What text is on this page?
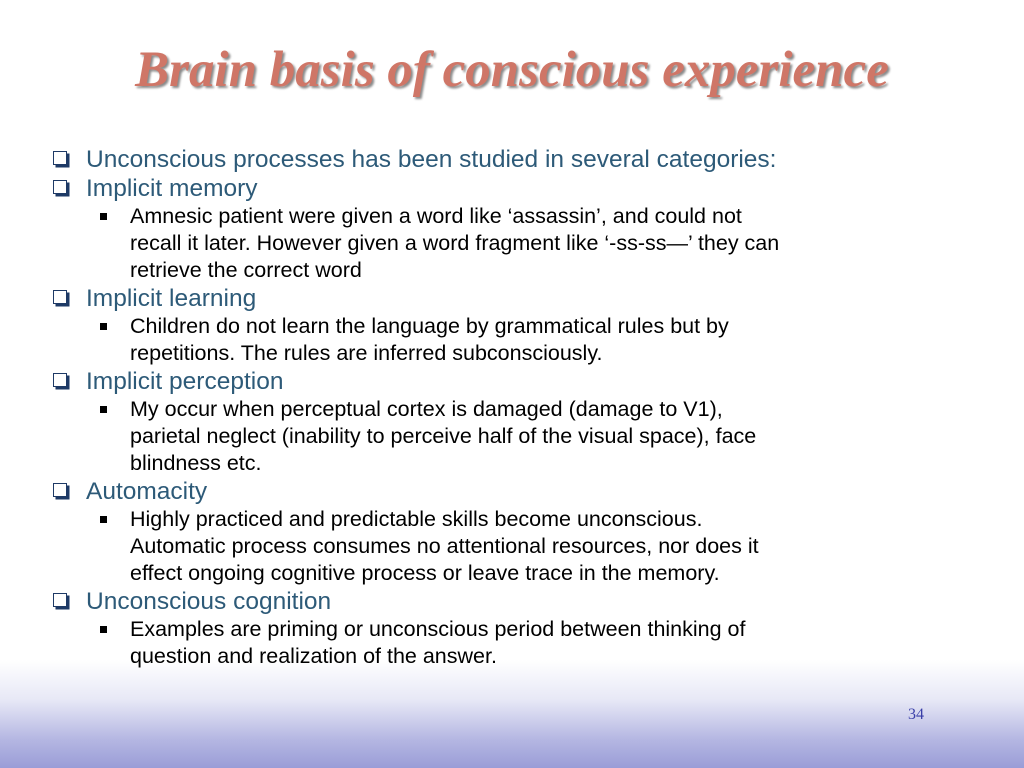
Brain basis of conscious experience
Unconscious processes has been studied in several categories:
Implicit memory
Amnesic patient were given a word like ‘assassin’, and could not
recall it later. However given a word fragment like ‘-ss-ss—’ they can
retrieve the correct word
Implicit learning
Children do not learn the language by grammatical rules but by
repetitions. The rules are inferred subconsciously.
Implicit perception
My occur when perceptual cortex is damaged (damage to V1),
parietal neglect (inability to perceive half of the visual space), face
blindness etc.
Automacity
Highly practiced and predictable skills become unconscious.
Automatic process consumes no attentional resources, nor does it
effect ongoing cognitive process or leave trace in the memory.
Unconscious cognition
Examples are priming or unconscious period between thinking of
question and realization of the answer.
34
